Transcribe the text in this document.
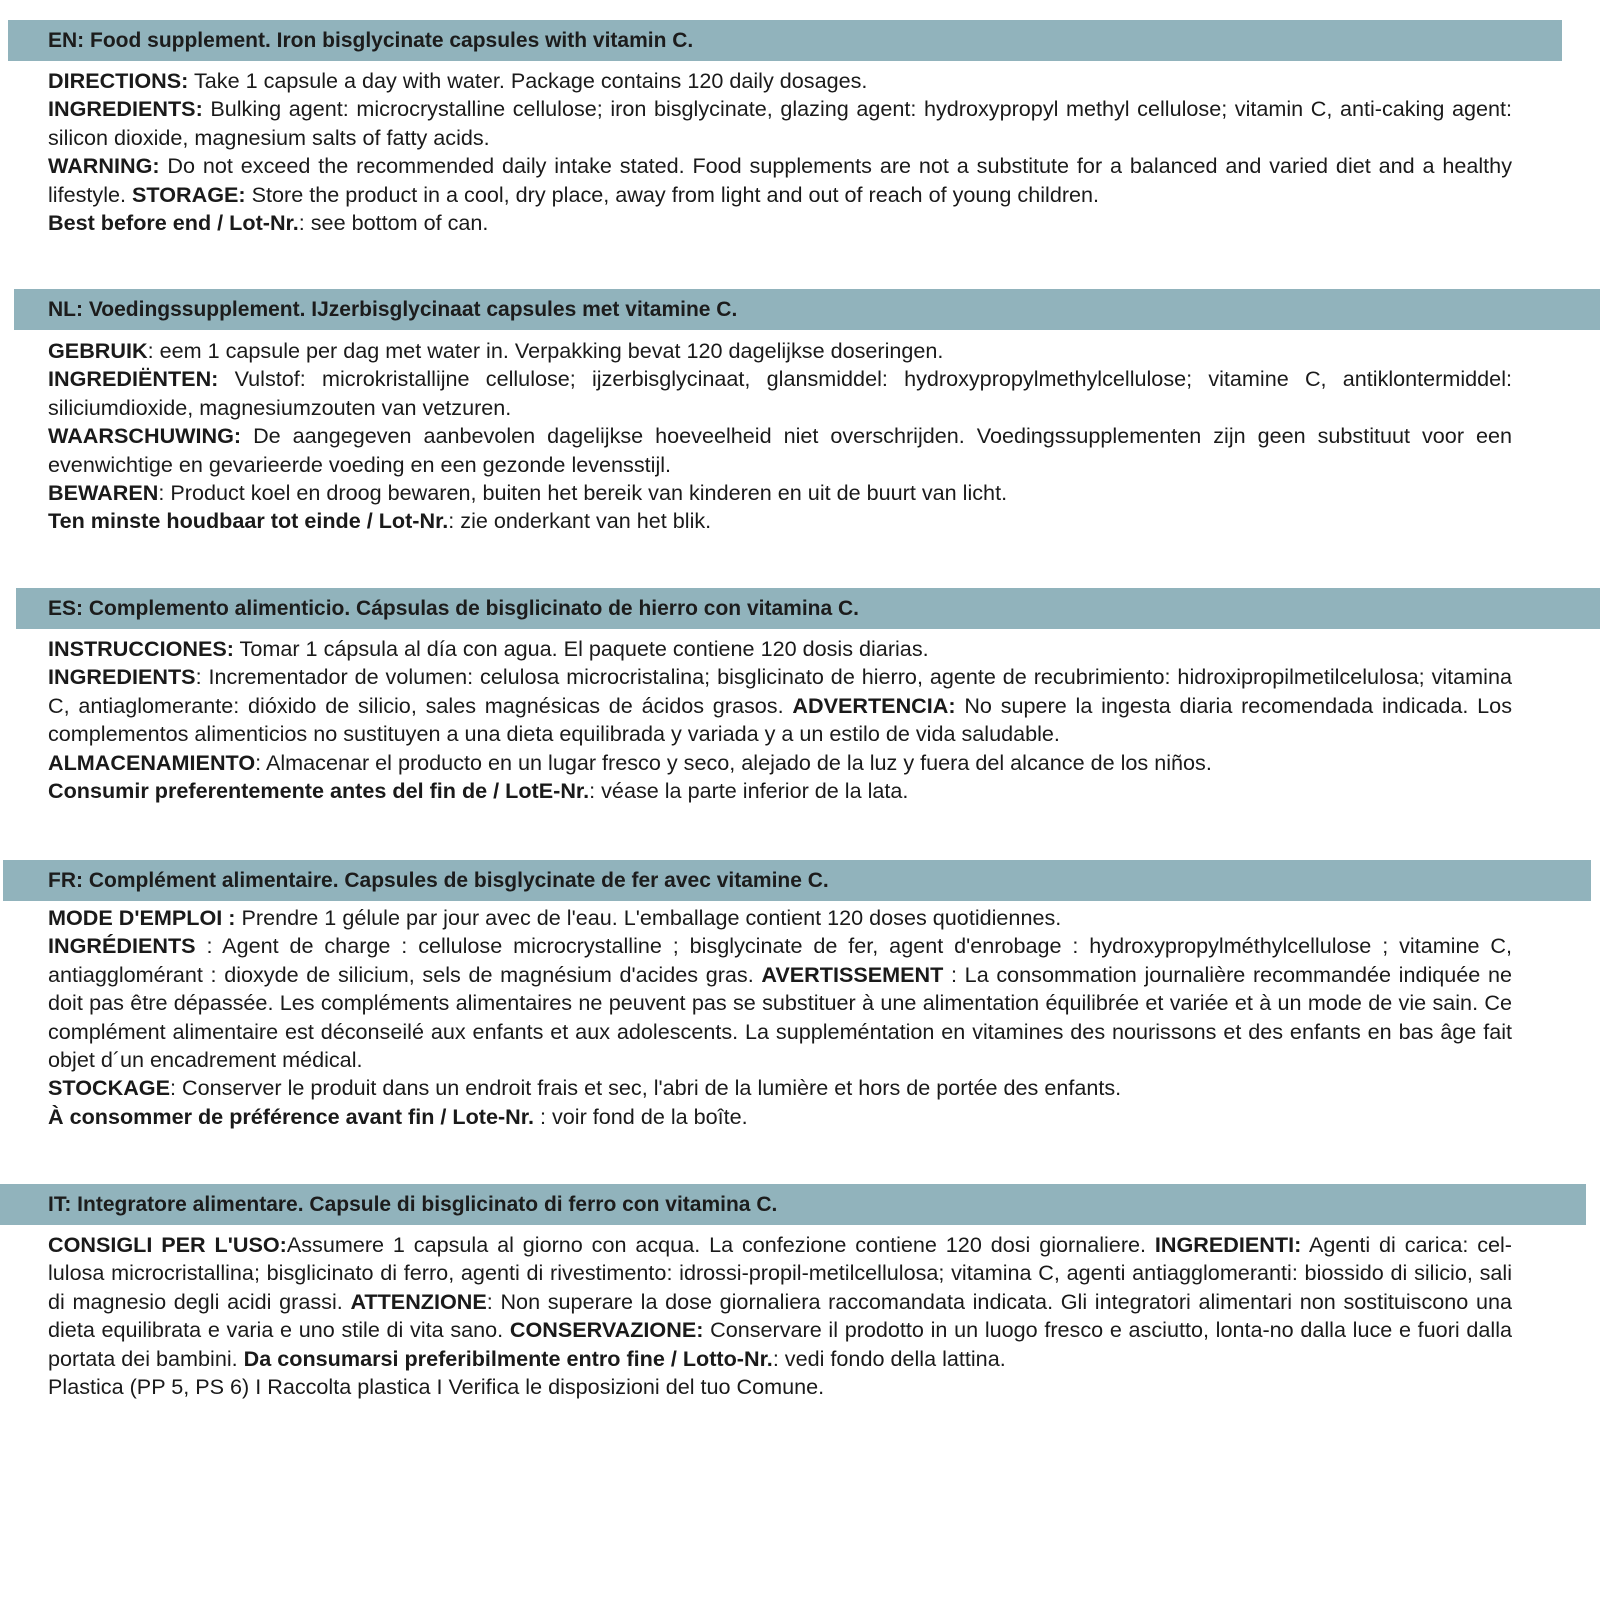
EN: Food supplement. Iron bisglycinate capsules with vitamin C.

DIRECTIONS: Take 1 capsule a day with water. Package contains 120 daily dosages.

INGREDIENTS: Bulking agent: microcrystalline cellulose; iron bisglycinate, glazing agent: hydroxypropyl methyl cellulose; vitamin C, anti-caking agent: silicon dioxide, magnesium salts of fatty acids.

WARNING: Do not exceed the recommended daily intake stated. Food supplements are not a substitute for a balanced and varied diet and a healthy lifestyle. STORAGE: Store the product in a cool, dry place, away from light and out of reach of young children.

Best before end / Lot-Nr.: see bottom of can.

NL: Voedingssupplement. IJzerbisglycinaat capsules met vitamine C.

GEBRUIK: eem 1 capsule per dag met water in. Verpakking bevat 120 dagelijkse doseringen.

INGREDIËNTEN: Vulstof: microkristallijne cellulose; ijzerbisglycinaat, glansmiddel: hydroxypropylmethylcellulose; vitamine C, antiklontermiddel: siliciumdioxide, magnesiumzouten van vetzuren.

WAARSCHUWING: De aangegeven aanbevolen dagelijkse hoeveelheid niet overschrijden. Voedingssupplementen zijn geen substituut voor een evenwichtige en gevarieerde voeding en een gezonde levensstijl.

BEWAREN: Product koel en droog bewaren, buiten het bereik van kinderen en uit de buurt van licht.

Ten minste houdbaar tot einde / Lot-Nr.: zie onderkant van het blik.

ES: Complemento alimenticio. Cápsulas de bisglicinato de hierro con vitamina C.

INSTRUCCIONES: Tomar 1 cápsula al día con agua. El paquete contiene 120 dosis diarias.

INGREDIENTS: Incrementador de volumen: celulosa microcristalina; bisglicinato de hierro, agente de recubrimiento: hidroxipropilmetilcelulosa; vitamina C, antiaglomerante: dióxido de silicio, sales magnésicas de ácidos grasos. ADVERTENCIA: No supere la ingesta diaria recomendada indicada. Los complementos alimenticios no sustituyen a una dieta equilibrada y variada y a un estilo de vida saludable.

ALMACENAMIENTO: Almacenar el producto en un lugar fresco y seco, alejado de la luz y fuera del alcance de los niños.

Consumir preferentemente antes del fin de / LotE-Nr.: véase la parte inferior de la lata.

FR: Complément alimentaire. Capsules de bisglycinate de fer avec vitamine C.

MODE D'EMPLOI : Prendre 1 gélule par jour avec de l'eau. L'emballage contient 120 doses quotidiennes.

INGRÉDIENTS : Agent de charge : cellulose microcrystalline ; bisglycinate de fer, agent d'enrobage : hydroxypropylméthylcellulose ; vitamine C, antiagglomérant : dioxyde de silicium, sels de magnésium d'acides gras. AVERTISSEMENT : La consommation journalière recommandée indiquée ne doit pas être dépassée. Les compléments alimentaires ne peuvent pas se substituer à une alimentation équilibrée et variée et à un mode de vie sain. Ce complément alimentaire est déconseilé aux enfants et aux adolescents. La suppleméntation en vitamines des nourissons et des enfants en bas âge fait objet d´un encadrement médical.

STOCKAGE: Conserver le produit dans un endroit frais et sec, l'abri de la lumière et hors de portée des enfants.

À consommer de préférence avant fin / Lote-Nr. : voir fond de la boîte.

IT: Integratore alimentare. Capsule di bisglicinato di ferro con vitamina C.

CONSIGLI PER L'USO:Assumere 1 capsula al giorno con acqua. La confezione contiene 120 dosi giornaliere. INGREDIENTI: Agenti di carica: cel-lulosa microcristallina; bisglicinato di ferro, agenti di rivestimento: idrossi-propil-metilcellulosa; vitamina C, agenti antiagglomeranti: biossido di silicio, sali di magnesio degli acidi grassi. ATTENZIONE: Non superare la dose giornaliera raccomandata indicata. Gli integratori alimentari non sostituiscono una dieta equilibrata e varia e uno stile di vita sano. CONSERVAZIONE: Conservare il prodotto in un luogo fresco e asciutto, lonta-no dalla luce e fuori dalla portata dei bambini. Da consumarsi preferibilmente entro fine / Lotto-Nr.: vedi fondo della lattina.

Plastica (PP 5, PS 6) I Raccolta plastica I Verifica le disposizioni del tuo Comune.
